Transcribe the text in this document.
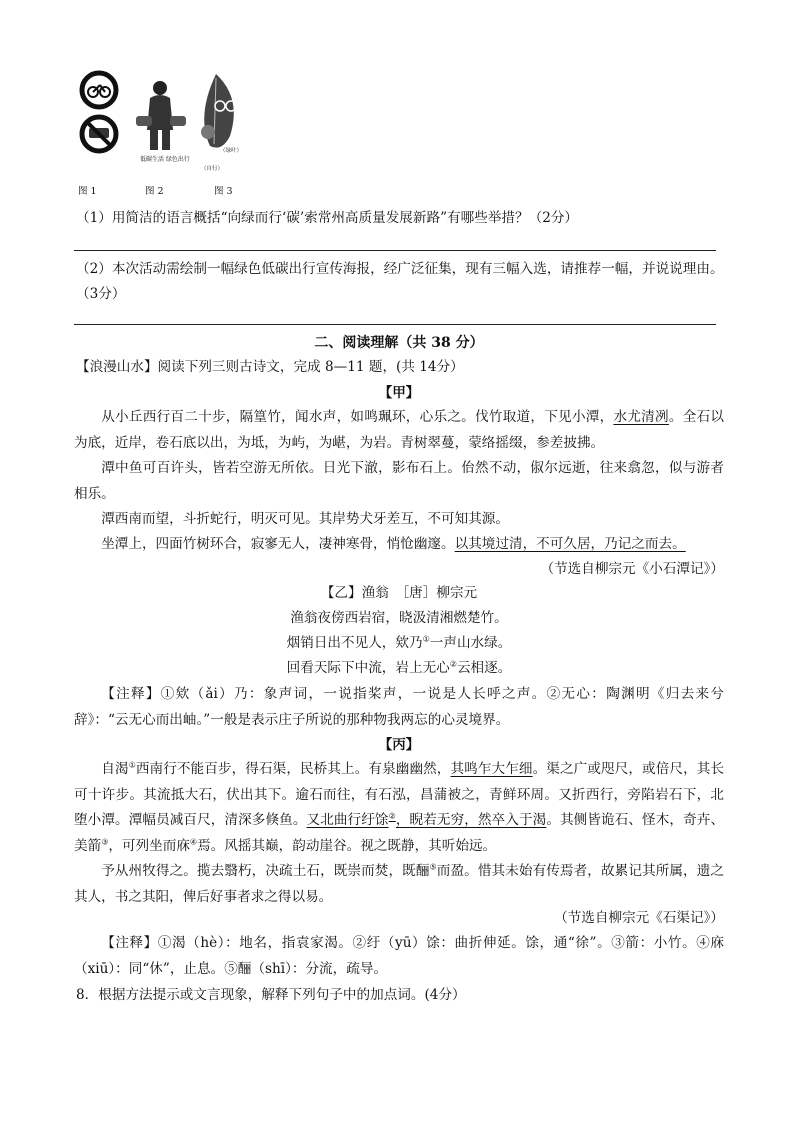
低碳生活 绿色出行
（绿叶）
（自行）
图 1	图 2	图 3
（1）用简洁的语言概括“向绿而行‘碳’索常州高质量发展新路”有哪些举措？（2分）
（2）本次活动需绘制一幅绿色低碳出行宣传海报，经广泛征集，现有三幅入选，请推荐一幅，并说说理由。（3分）
二、阅读理解（共 38 分）
【浪漫山水】阅读下列三则古诗文，完成 8—11 题，(共 14分）
【甲】
从小丘西行百二十步，隔篁竹，闻水声，如鸣珮环，心乐之。伐竹取道，下见小潭，水尤清冽。全石以为底，近岸，卷石底以出，为坻，为屿，为嵁，为岩。青树翠蔓，蒙络摇缀，参差披拂。
潭中鱼可百许头，皆若空游无所依。日光下澈，影布石上。佁然不动，俶尔远逝，往来翕忽，似与游者相乐。
潭西南而望，斗折蛇行，明灭可见。其岸势犬牙差互，不可知其源。
坐潭上，四面竹树环合，寂寥无人，凄神寒骨，悄怆幽邃。以其境过清，不可久居，乃记之而去。
（节选自柳宗元《小石潭记》）
【乙】渔翁　［唐］柳宗元
渔翁夜傍西岩宿，晓汲清湘燃楚竹。
烟销日出不见人，欸乃①一声山水绿。
回看天际下中流，岩上无心②云相逐。
【注释】①欸（ǎi）乃：象声词，一说指桨声，一说是人长呼之声。②无心：陶渊明《归去来兮辞》：“云无心而出岫。”一般是表示庄子所说的那种物我两忘的心灵境界。
【丙】
自渴①西南行不能百步，得石渠，民桥其上。有泉幽幽然，其鸣乍大乍细。渠之广或咫尺，或倍尺，其长可十许步。其流抵大石，伏出其下。逾石而往，有石泓，昌蒲被之，青鲜环周。又折西行，旁陷岩石下，北堕小潭。潭幅员减百尺，清深多倏鱼。又北曲行纡馀②，睨若无穷，然卒入于渴。其侧皆诡石、怪木，奇卉、美箭③，可列坐而庥④焉。风摇其巅，韵动崖谷。视之既静，其听始远。
予从州牧得之。揽去翳朽，决疏土石，既崇而焚，既酾⑤而盈。惜其未始有传焉者，故累记其所属，遗之其人，书之其阳，俾后好事者求之得以易。
（节选自柳宗元《石渠记》）
【注释】①渴（hè）：地名，指袁家渴。②纡（yū）馀：曲折伸延。馀，通“徐”。③箭：小竹。④庥（xiū）：同“休”，止息。⑤酾（shī）：分流，疏导。
8．根据方法提示或文言现象，解释下列句子中的加点词。(4分）
